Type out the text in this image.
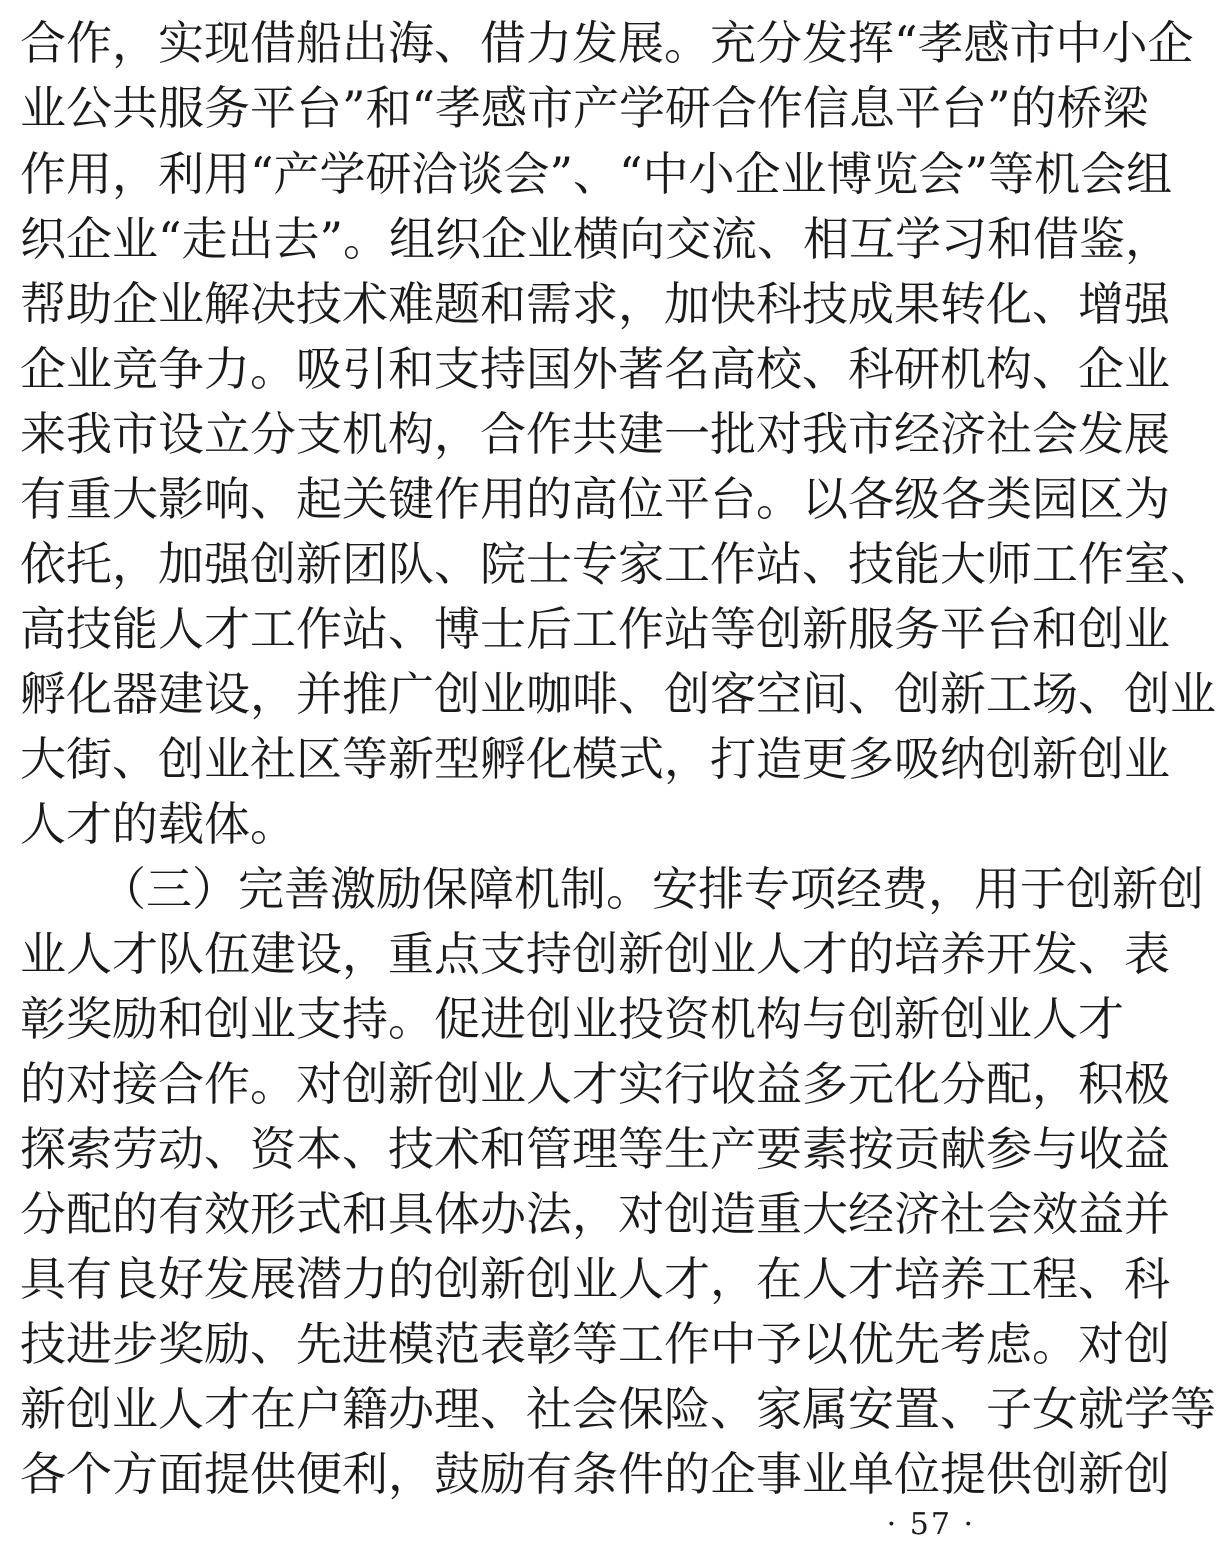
合作，实现借船出海、借力发展。充分发挥“孝感市中小企
业公共服务平台”和“孝感市产学研合作信息平台”的桥梁
作用，利用“产学研洽谈会”、“中小企业博览会”等机会组
织企业“走出去”。组织企业横向交流、相互学习和借鉴，
帮助企业解决技术难题和需求，加快科技成果转化、增强
企业竞争力。吸引和支持国外著名高校、科研机构、企业
来我市设立分支机构，合作共建一批对我市经济社会发展
有重大影响、起关键作用的高位平台。以各级各类园区为
依托，加强创新团队、院士专家工作站、技能大师工作室、
高技能人才工作站、博士后工作站等创新服务平台和创业
孵化器建设，并推广创业咖啡、创客空间、创新工场、创业
大街、创业社区等新型孵化模式，打造更多吸纳创新创业
人才的载体。
（三）完善激励保障机制。安排专项经费，用于创新创
业人才队伍建设，重点支持创新创业人才的培养开发、表
彰奖励和创业支持。促进创业投资机构与创新创业人才
的对接合作。对创新创业人才实行收益多元化分配，积极
探索劳动、资本、技术和管理等生产要素按贡献参与收益
分配的有效形式和具体办法，对创造重大经济社会效益并
具有良好发展潜力的创新创业人才，在人才培养工程、科
技进步奖励、先进模范表彰等工作中予以优先考虑。对创
新创业人才在户籍办理、社会保险、家属安置、子女就学等
各个方面提供便利，鼓励有条件的企事业单位提供创新创
· 57 ·
